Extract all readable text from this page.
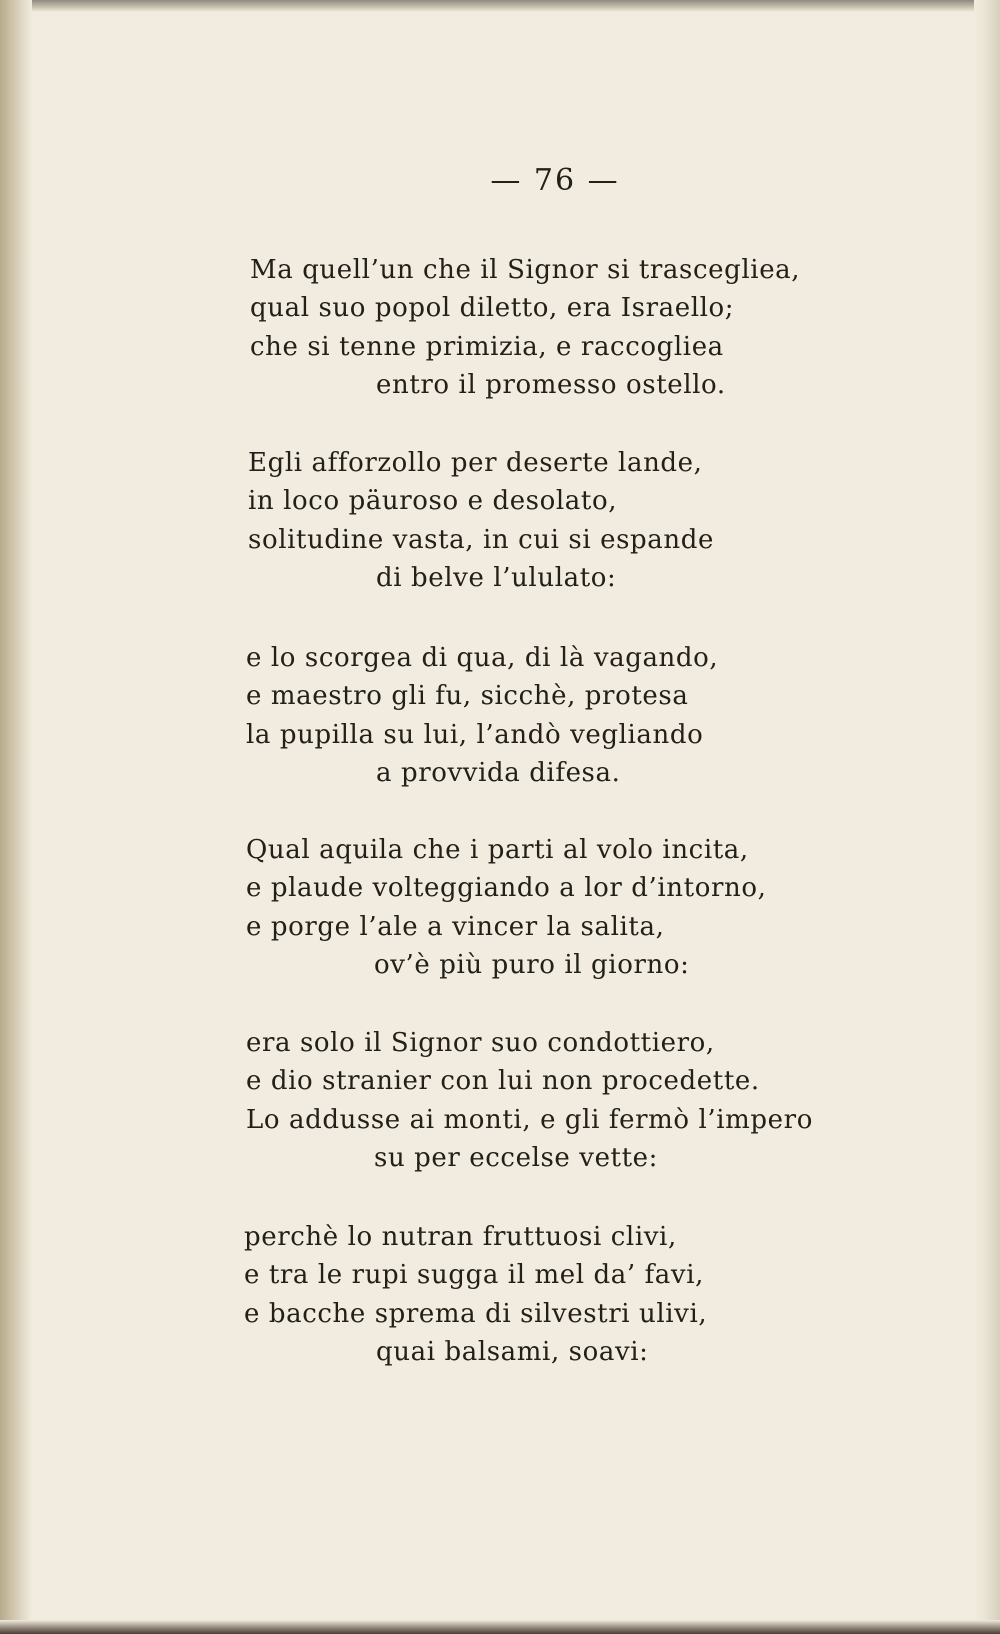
— 76 —
Ma quell’un che il Signor si trasceglieа,
qual suo popol diletto, era Israello;
che si tenne primizia, e raccogliea
entro il promesso ostello.
Egli afforzollo per deserte lande,
in loco päuroso e desolato,
solitudine vasta, in cui si espande
di belve l’ululato:
e lo scorgea di qua, di là vagando,
e maestro gli fu, sicchè, protesa
la pupilla su lui, l’andò vegliando
a provvida difesa.
Qual aquila che i parti al volo incita,
e plaude volteggiando a lor d’intorno,
e porge l’ale a vincer la salita,
ov’è più puro il giorno:
era solo il Signor suo condottiero,
e dio stranier con lui non procedette.
Lo addusse ai monti, e gli fermò l’impero
su per eccelse vette:
perchè lo nutran fruttuosi clivi,
e tra le rupi sugga il mel da’ favi,
e bacche sprema di silvestri ulivi,
quai balsami, soavi:
